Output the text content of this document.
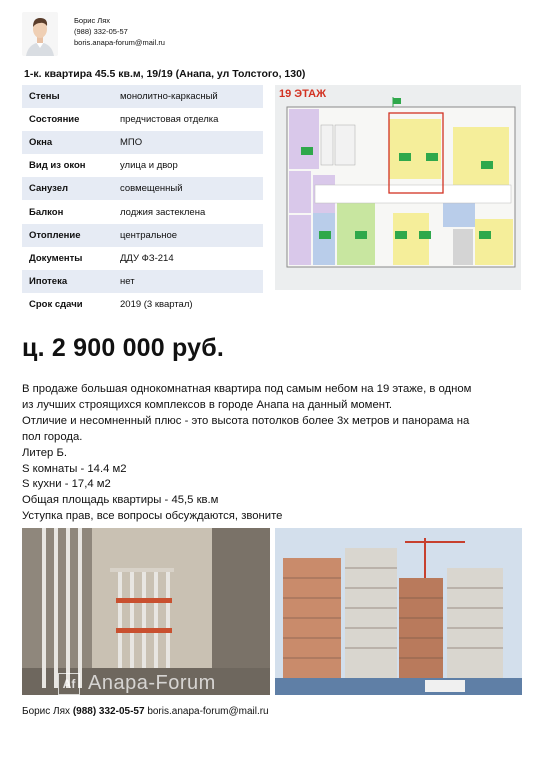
Борис Лях
(988) 332-05-57
boris.anapa-forum@mail.ru
1-к. квартира 45.5 кв.м, 19/19 (Анапа, ул Толстого, 130)
Стены	монолитно-каркасный
Состояние	предчистовая отделка
Окна	МПО
Вид из окон	улица и двор
Санузел	совмещенный
Балкон	лоджия застеклена
Отопление	центральное
Документы	ДДУ ФЗ-214
Ипотека	нет
Срок сдачи	2019 (3 квартал)
19 ЭТАЖ
ц. 2 900 000 руб.

В продаже большая однокомнатная квартира под самым небом на 19 этаже, в одном

из лучших строящихся комплексов в городе Анапа на данный момент.

Отличие и несомненный плюс - это высота потолков более 3х метров и панорама на

пол города.

Литер Б.

S комнаты - 14.4 м2

S кухни - 17,4 м2

Общая площадь квартиры - 45,5 кв.м

Уступка прав, все вопросы обсуждаются, звоните

Af Anapa-Forum
Борис Лях (988) 332-05-57 boris.anapa-forum@mail.ru
